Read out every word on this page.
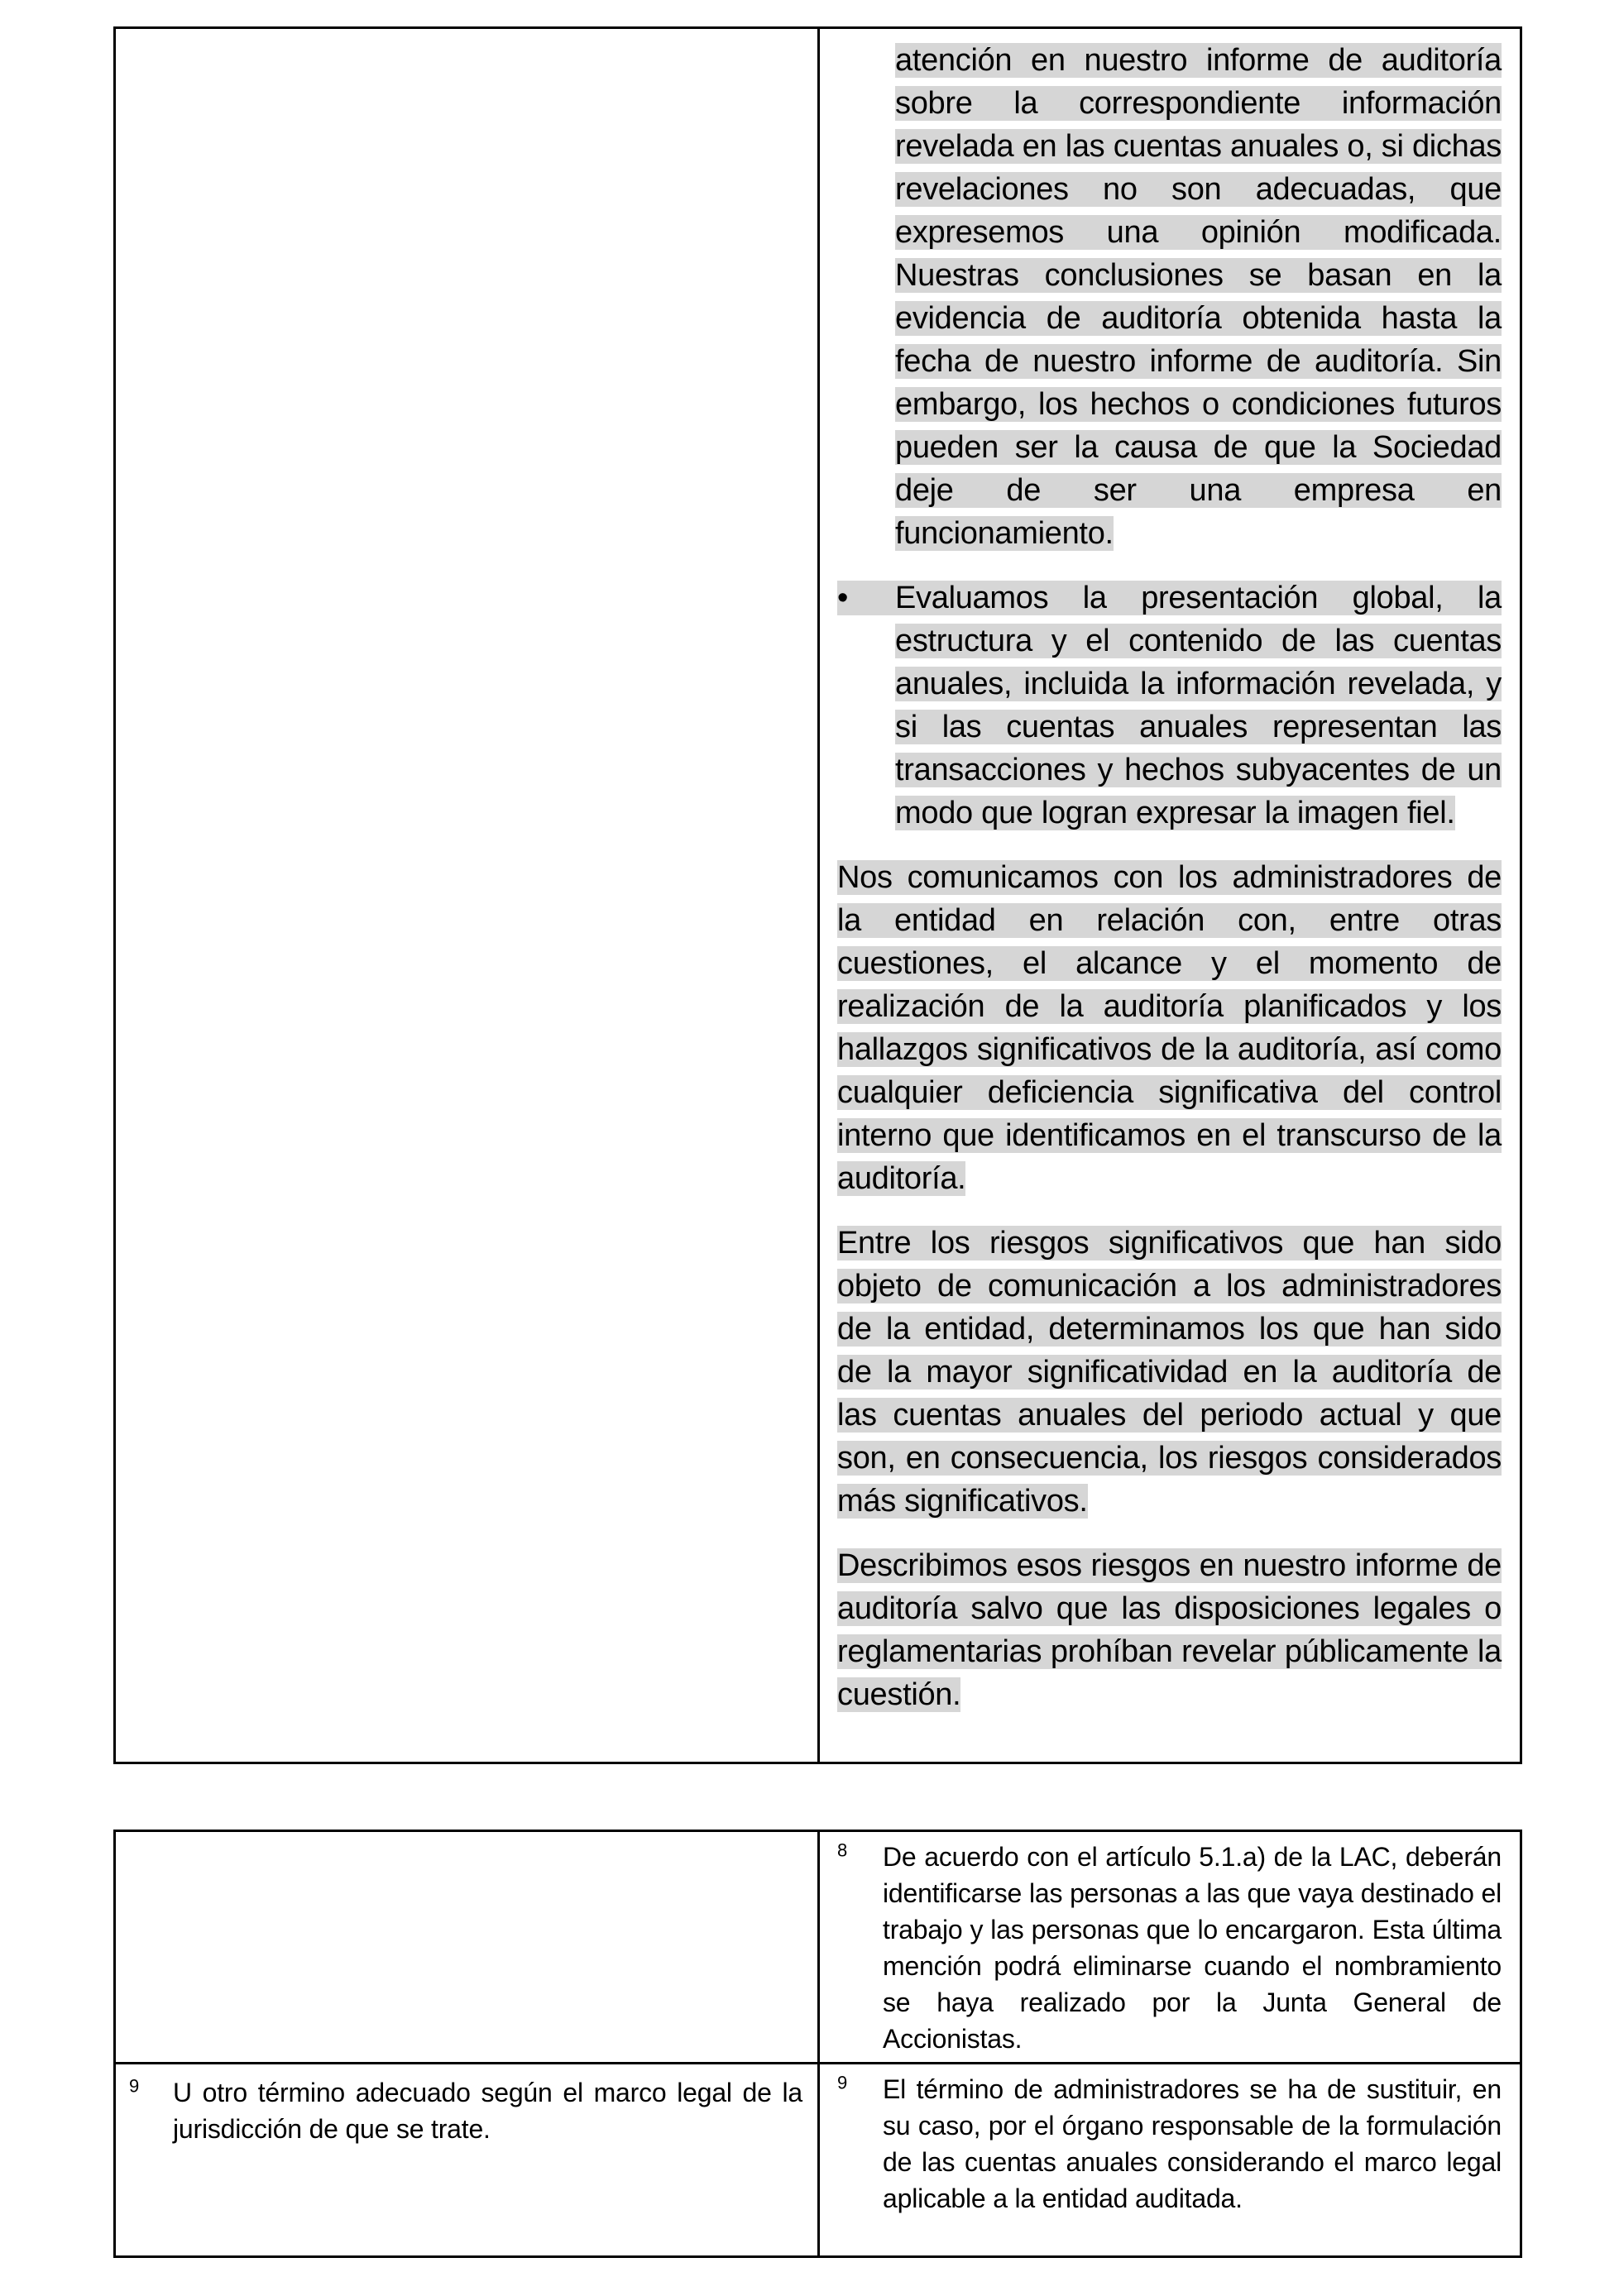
atención en nuestro informe de auditoría sobre la correspondiente información revelada en las cuentas anuales o, si dichas revelaciones no son adecuadas, que expresemos una opinión modificada. Nuestras conclusiones se basan en la evidencia de auditoría obtenida hasta la fecha de nuestro informe de auditoría. Sin embargo, los hechos o condiciones futuros pueden ser la causa de que la Sociedad deje de ser una empresa en funcionamiento.

• Evaluamos la presentación global, la estructura y el contenido de las cuentas anuales, incluida la información revelada, y si las cuentas anuales representan las transacciones y hechos subyacentes de un modo que logran expresar la imagen fiel.

Nos comunicamos con los administradores de la entidad en relación con, entre otras cuestiones, el alcance y el momento de realización de la auditoría planificados y los hallazgos significativos de la auditoría, así como cualquier deficiencia significativa del control interno que identificamos en el transcurso de la auditoría.

Entre los riesgos significativos que han sido objeto de comunicación a los administradores de la entidad, determinamos los que han sido de la mayor significatividad en la auditoría de las cuentas anuales del periodo actual y que son, en consecuencia, los riesgos considerados más significativos.

Describimos esos riesgos en nuestro informe de auditoría salvo que las disposiciones legales o reglamentarias prohíban revelar públicamente la cuestión.

$^8$ De acuerdo con el artículo 5.1.a) de la LAC, deberán identificarse las personas a las que vaya destinado el trabajo y las personas que lo encargaron. Esta última mención podrá eliminarse cuando el nombramiento se haya realizado por la Junta General de Accionistas.

$^9$ U otro término adecuado según el marco legal de la jurisdicción de que se trate.

$^9$ El término de administradores se ha de sustituir, en su caso, por el órgano responsable de la formulación de las cuentas anuales considerando el marco legal aplicable a la entidad auditada.
